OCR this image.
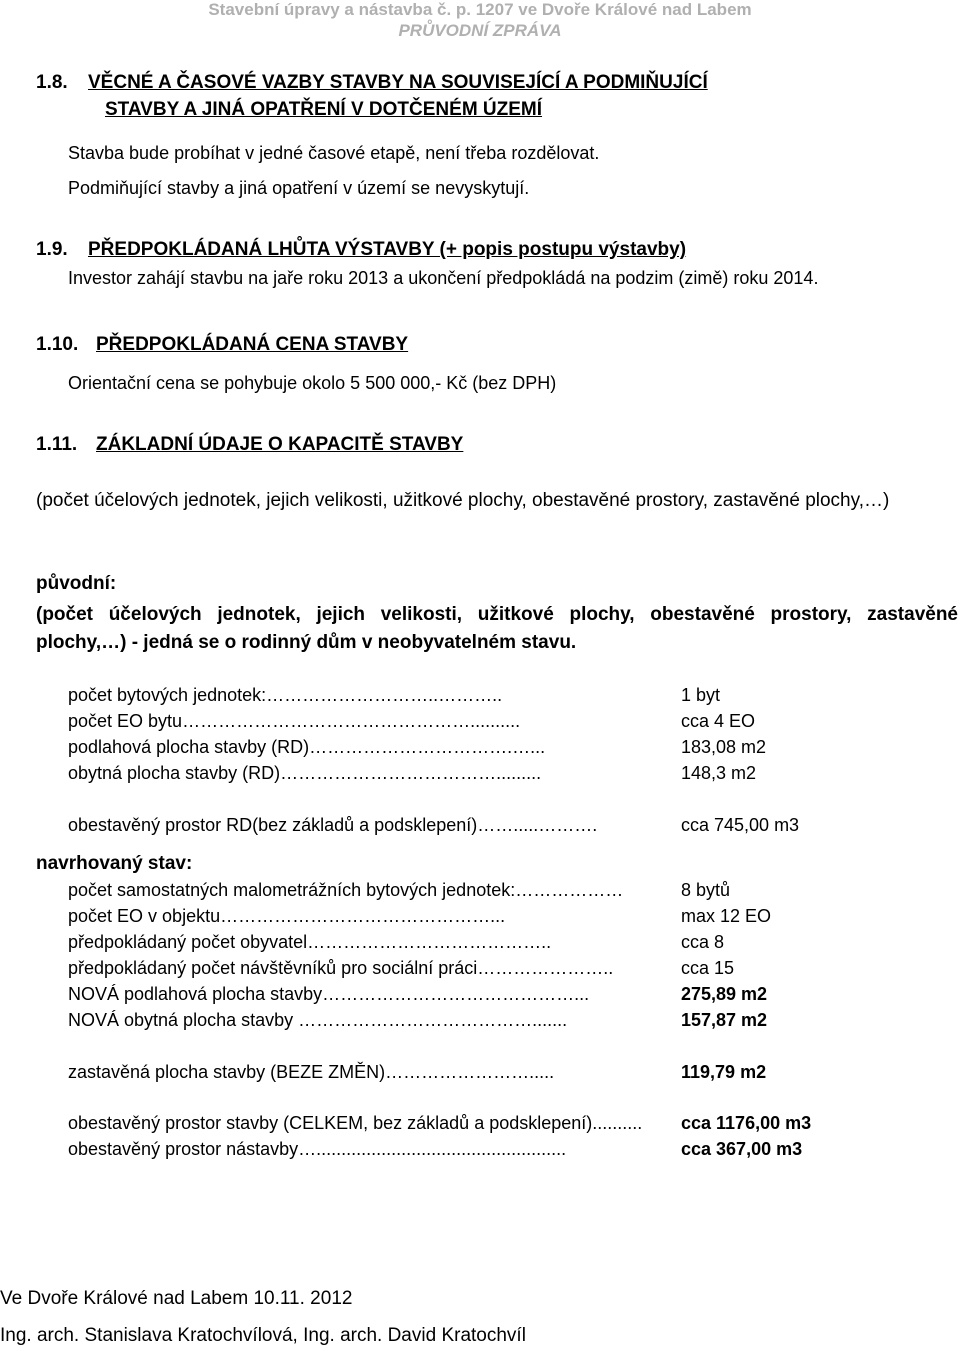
Stavební úpravy a nástavba č. p. 1207 ve Dvoře Králové nad Labem
PRŮVODNÍ ZPRÁVA
1.8. VĚCNÉ A ČASOVÉ VAZBY STAVBY NA SOUVISEJÍCÍ A PODMIŇUJÍCÍ
STAVBY A JINÁ OPATŘENÍ V DOTČENÉM ÚZEMÍ
Stavba bude probíhat v jedné časové etapě, není třeba rozdělovat.
Podmiňující stavby a jiná opatření v území se nevyskytují.
1.9. PŘEDPOKLÁDANÁ LHŮTA VÝSTAVBY (+ popis postupu výstavby)
Investor zahájí stavbu na jaře roku 2013 a ukončení předpokládá na podzim (zimě) roku 2014.
1.10. PŘEDPOKLÁDANÁ CENA STAVBY
Orientační cena se pohybuje okolo 5 500 000,- Kč (bez DPH)
1.11. ZÁKLADNÍ ÚDAJE O KAPACITĚ STAVBY
(počet účelových jednotek, jejich velikosti, užitkové plochy, obestavěné prostory, zastavěné plochy,…)
původní:
(počet účelových jednotek, jejich velikosti, užitkové plochy, obestavěné prostory, zastavěné plochy,…) - jedná se o rodinný dům v neobyvatelném stavu.
počet bytových jednotek:………………………..………..	1 byt
počet EO bytu…………………………………………..........	cca 4 EO
podlahová plocha stavby (RD)…………………………….…...	183,08 m2
obytná plocha stavby (RD)……………………………….........	148,3 m2
obestavěný prostor RD(bez základů a podsklepení)…….....……….	cca 745,00 m3
navrhovaný stav:
počet samostatných malometrážních bytových jednotek:………………	8 bytů
počet EO v objektu………………………………………...	max 12 EO
předpokládaný počet obyvatel…………………………………..	cca 8
předpokládaný počet návštěvníků pro sociální práci…………………..	cca 15
NOVÁ podlahová plocha stavby……………………………………...	275,89 m2
NOVÁ obytná plocha stavby ………………………………….......	157,87 m2
zastavěná plocha stavby (BEZE ZMĚN)…………………….....	119,79 m2
obestavěný prostor stavby (CELKEM, bez základů a podsklepení).......... cca 1176,00 m3
obestavěný prostor nástavby…..................................................	cca 367,00 m3
Ve Dvoře Králové nad Labem 10.11. 2012
Ing. arch. Stanislava Kratochvílová, Ing. arch. David Kratochvíl
